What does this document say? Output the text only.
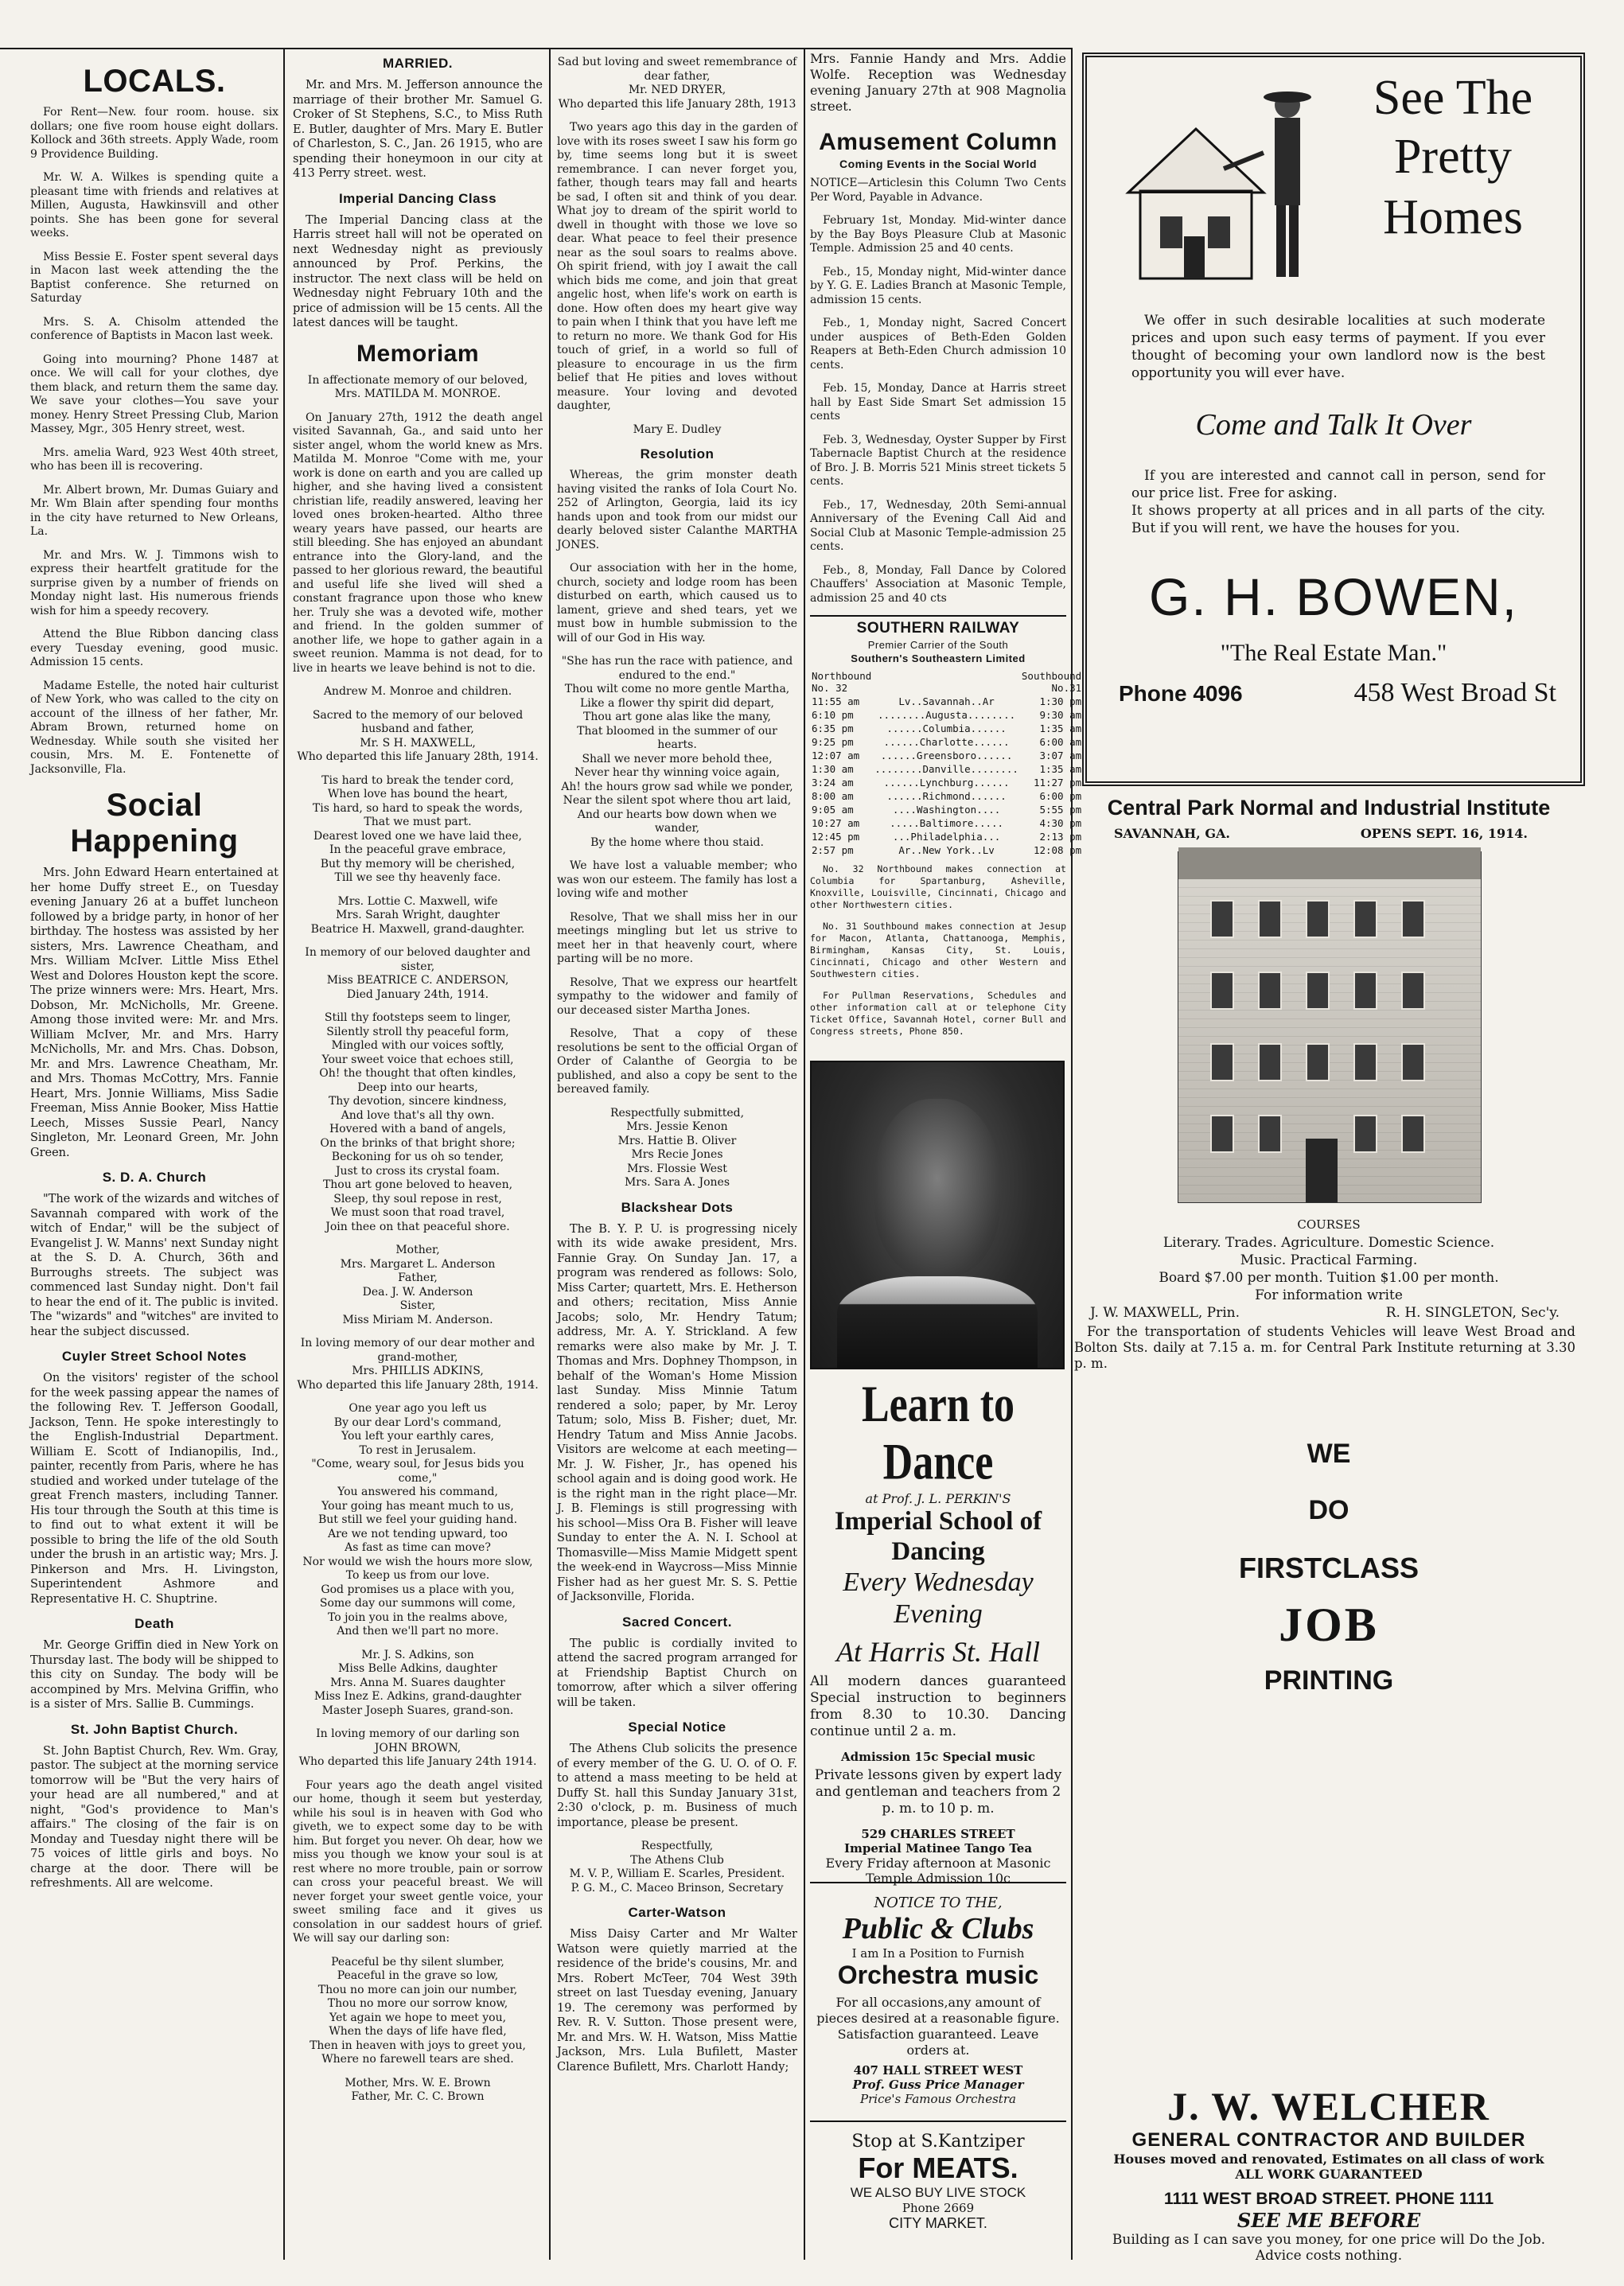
LOCALS.

For Rent—New. four room. house. six dollars; one five room house eight dollars. Kollock and 36th streets. Apply Wade, room 9 Providence Building.

Mr. W. A. Wilkes is spending quite a pleasant time with friends and relatives at Millen, Augusta, Hawkinsvill and other points. She has been gone for several weeks.

Miss Bessie E. Foster spent several days in Macon last week attending the the Baptist conference. She returned on Saturday

Mrs. S. A. Chisolm attended the conference of Baptists in Macon last week.

Going into mourning? Phone 1487 at once. We will call for your clothes, dye them black, and return them the same day. We save your clothes—You save your money. Henry Street Pressing Club, Marion Massey, Mgr., 305 Henry street, west.

Mrs. amelia Ward, 923 West 40th street, who has been ill is recovering.

Mr. Albert brown, Mr. Dumas Guiary and Mr. Wm Blain after spending four months in the city have returned to New Orleans, La.

Mr. and Mrs. W. J. Timmons wish to express their heartfelt gratitude for the surprise given by a number of friends on Monday night last. His numerous friends wish for him a speedy recovery.

Attend the Blue Ribbon dancing class every Tuesday evening, good music. Admission 15 cents.

Madame Estelle, the noted hair culturist of New York, who was called to the city on account of the illness of her father, Mr. Abram Brown, returned home on Wednesday. While south she visited her cousin, Mrs. M. E. Fontenette of Jacksonville, Fla.

Social Happening

Mrs. John Edward Hearn entertained at her home Duffy street E., on Tuesday evening January 26 at a buffet luncheon followed by a bridge party, in honor of her birthday. The hostess was assisted by her sisters, Mrs. Lawrence Cheatham, and Mrs. William McIver. Little Miss Ethel West and Dolores Houston kept the score. The prize winners were: Mrs. Heart, Mrs. Dobson, Mr. McNicholls, Mr. Greene. Among those invited were: Mr. and Mrs. William McIver, Mr. and Mrs. Harry McNicholls, Mr. and Mrs. Chas. Dobson, Mr. and Mrs. Lawrence Cheatham, Mr. and Mrs. Thomas McCottry, Mrs. Fannie Heart, Mrs. Jonnie Williams, Miss Sadie Freeman, Miss Annie Booker, Miss Hattie Leech, Misses Sussie Pearl, Nancy Singleton, Mr. Leonard Green, Mr. John Green.

S. D. A. Church

"The work of the wizards and witches of Savannah compared with work of the witch of Endar," will be the subject of Evangelist J. W. Manns' next Sunday night at the S. D. A. Church, 36th and Burroughs streets. The subject was commenced last Sunday night. Don't fail to hear the end of it. The public is invited. The "wizards" and "witches" are invited to hear the subject discussed.

Cuyler Street School Notes

On the visitors' register of the school for the week passing appear the names of the following Rev. T. Jefferson Goodall, Jackson, Tenn. He spoke interestingly to the English-Industrial Department. William E. Scott of Indianopilis, Ind., painter, recently from Paris, where he has studied and worked under tutelage of the great French masters, including Tanner. His tour through the South at this time is to find out to what extent it will be possible to bring the life of the old South under the brush in an artistic way; Mrs. J. Pinkerson and Mrs. H. Livingston, Superintendent Ashmore and Representative H. C. Shuptrine.

Death

Mr. George Griffin died in New York on Thursday last. The body will be shipped to this city on Sunday. The body will be accompined by Mrs. Melvina Griffin, who is a sister of Mrs. Sallie B. Cummings.

St. John Baptist Church.

St. John Baptist Church, Rev. Wm. Gray, pastor. The subject at the morning service tomorrow will be "But the very hairs of your head are all numbered," and at night, "God's providence to Man's affairs." The closing of the fair is on Monday and Tuesday night there will be 75 voices of little girls and boys. No charge at the door. There will be refreshments. All are welcome.

MARRIED.

Mr. and Mrs. M. Jefferson announce the marriage of their brother Mr. Samuel G. Croker of St Stephens, S.C., to Miss Ruth E. Butler, daughter of Mrs. Mary E. Butler of Charleston, S. C., Jan. 26 1915, who are spending their honeymoon in our city at 413 Perry street. west.

Imperial Dancing Class

The Imperial Dancing class at the Harris street hall will not be operated on next Wednesday night as previously announced by Prof. Perkins, the instructor. The next class will be held on Wednesday night February 10th and the price of admission will be 15 cents. All the latest dances will be taught.

Memoriam

In affectionate memory of our beloved,
Mrs. MATILDA M. MONROE.

On January 27th, 1912 the death angel visited Savannah, Ga., and said unto her sister angel, whom the world knew as Mrs. Matilda M. Monroe "Come with me, your work is done on earth and you are called up higher, and she having lived a consistent christian life, readily answered, leaving her loved ones broken-hearted. Altho three weary years have passed, our hearts are still bleeding. She has enjoyed an abundant entrance into the Glory-land, and the passed to her glorious reward, the beautiful and useful life she lived will shed a constant fragrance upon those who knew her. Truly she was a devoted wife, mother and friend. In the golden summer of another life, we hope to gather again in a sweet reunion. Mamma is not dead, for to live in hearts we leave behind is not to die.

Andrew M. Monroe and children.

Sacred to the memory of our beloved husband and father,
Mr. S H. MAXWELL,
Who departed this life January 28th, 1914.

Tis hard to break the tender cord,
When love has bound the heart,
Tis hard, so hard to speak the words,
That we must part.
Dearest loved one we have laid thee,
In the peaceful grave embrace,
But thy memory will be cherished,
Till we see thy heavenly face.

Mrs. Lottie C. Maxwell, wife
Mrs. Sarah Wright, daughter
Beatrice H. Maxwell, grand-daughter.

In memory of our beloved daughter and sister,
Miss BEATRICE C. ANDERSON,
Died January 24th, 1914.

Still thy footsteps seem to linger,
Silently stroll thy peaceful form,
Mingled with our voices softly,
Your sweet voice that echoes still,
Oh! the thought that often kindles,
Deep into our hearts,
Thy devotion, sincere kindness,
And love that's all thy own.
Hovered with a band of angels,
On the brinks of that bright shore;
Beckoning for us oh so tender,
Just to cross its crystal foam.
Thou art gone beloved to heaven,
Sleep, thy soul repose in rest,
We must soon that road travel,
Join thee on that peaceful shore.

Mother,
Mrs. Margaret L. Anderson
Father,
Dea. J. W. Anderson
Sister,
Miss Miriam M. Anderson.

In loving memory of our dear mother and grand-mother,
Mrs. PHILLIS ADKINS,
Who departed this life January 28th, 1914.

One year ago you left us
By our dear Lord's command,
You left your earthly cares,
To rest in Jerusalem.
"Come, weary soul, for Jesus bids you come,"
You answered his command,
Your going has meant much to us,
But still we feel your guiding hand.
Are we not tending upward, too
As fast as time can move?
Nor would we wish the hours more slow,
To keep us from our love.
God promises us a place with you,
Some day our summons will come,
To join you in the realms above,
And then we'll part no more.

Mr. J. S. Adkins, son
Miss Belle Adkins, daughter
Mrs. Anna M. Suares daughter
Miss Inez E. Adkins, grand-daughter
Master Joseph Suares, grand-son.

In loving memory of our darling son
JOHN BROWN,
Who departed this life January 24th 1914.

Four years ago the death angel visited our home, though it seem but yesterday, while his soul is in heaven with God who giveth, we to expect some day to be with him. But forget you never. Oh dear, how we miss you though we know your soul is at rest where no more trouble, pain or sorrow can cross your peaceful breast. We will never forget your sweet gentle voice, your sweet smiling face and it gives us consolation in our saddest hours of grief. We will say our darling son:

Peaceful be thy silent slumber,
Peaceful in the grave so low,
Thou no more can join our number,
Thou no more our sorrow know,
Yet again we hope to meet you,
When the days of life have fled,
Then in heaven with joys to greet you,
Where no farewell tears are shed.

Mother, Mrs. W. E. Brown
Father, Mr. C. C. Brown

Sad but loving and sweet remembrance of dear father,
Mr. NED DRYER,
Who departed this life January 28th, 1913

Two years ago this day in the garden of love with its roses sweet I saw his form go by, time seems long but it is sweet remembrance. I can never forget you, father, though tears may fall and hearts be sad, I often sit and think of you dear. What joy to dream of the spirit world to dwell in thought with those we love so dear. What peace to feel their presence near as the soul soars to realms above. Oh spirit friend, with joy I await the call which bids me come, and join that great angelic host, when life's work on earth is done. How often does my heart give way to pain when I think that you have left me to return no more. We thank God for His touch of grief, in a world so full of pleasure to encourage in us the firm belief that He pities and loves without measure. Your loving and devoted daughter,

Mary E. Dudley

Resolution

Whereas, the grim monster death having visited the ranks of Iola Court No. 252 of Arlington, Georgia, laid its icy hands upon and took from our midst our dearly beloved sister Calanthe MARTHA JONES.

Our association with her in the home, church, society and lodge room has been disturbed on earth, which caused us to lament, grieve and shed tears, yet we must bow in humble submission to the will of our God in His way.

"She has run the race with patience, and endured to the end."
Thou wilt come no more gentle Martha,
Like a flower thy spirit did depart,
Thou art gone alas like the many,
That bloomed in the summer of our hearts.
Shall we never more behold thee,
Never hear thy winning voice again,
Ah! the hours grow sad while we ponder,
Near the silent spot where thou art laid,
And our hearts bow down when we wander,
By the home where thou staid.

We have lost a valuable member; who was won our esteem. The family has lost a loving wife and mother

Resolve, That we shall miss her in our meetings mingling but let us strive to meet her in that heavenly court, where parting will be no more.

Resolve, That we express our heartfelt sympathy to the widower and family of our deceased sister Martha Jones.

Resolve, That a copy of these resolutions be sent to the official Organ of Order of Calanthe of Georgia to be published, and also a copy be sent to the bereaved family.

Respectfully submitted,
Mrs. Jessie Kenon
Mrs. Hattie B. Oliver
Mrs Recie Jones
Mrs. Flossie West
Mrs. Sara A. Jones

Blackshear Dots

The B. Y. P. U. is progressing nicely with its wide awake president, Mrs. Fannie Gray. On Sunday Jan. 17, a program was rendered as follows: Solo, Miss Carter; quartett, Mrs. E. Hetherson and others; recitation, Miss Annie Jacobs; solo, Mr. Hendry Tatum; address, Mr. A. Y. Strickland. A few remarks were also make by Mr. J. T. Thomas and Mrs. Dophney Thompson, in behalf of the Woman's Home Mission last Sunday. Miss Minnie Tatum rendered a solo; paper, by Mr. Leroy Tatum; solo, Miss B. Fisher; duet, Mr. Hendry Tatum and Miss Annie Jacobs. Visitors are welcome at each meeting—Mr. J. W. Fisher, Jr., has opened his school again and is doing good work. He is the right man in the right place—Mr. J. B. Flemings is still progressing with his school—Miss Ora B. Fisher will leave Sunday to enter the A. N. I. School at Thomasville—Miss Mamie Midgett spent the week-end in Waycross—Miss Minnie Fisher had as her guest Mr. S. S. Pettie of Jacksonville, Florida.

Sacred Concert.

The public is cordially invited to attend the sacred program arranged for at Friendship Baptist Church on tomorrow, after which a silver offering will be taken.

Special Notice

The Athens Club solicits the presence of every member of the G. U. O. of O. F. to attend a mass meeting to be held at Duffy St. hall this Sunday January 31st, 2:30 o'clock, p. m. Business of much importance, please be present.

Respectfully,
The Athens Club
M. V. P., William E. Scarles, President.
P. G. M., C. Maceo Brinson, Secretary

Carter-Watson

Miss Daisy Carter and Mr Walter Watson were quietly married at the residence of the bride's cousins, Mr. and Mrs. Robert McTeer, 704 West 39th street on last Tuesday evening, January 19. The ceremony was performed by Rev. R. V. Sutton. Those present were, Mr. and Mrs. W. H. Watson, Miss Mattie Jackson, Mrs. Lula Bufilett, Master Clarence Bufilett, Mrs. Charlott Handy;

Mrs. Fannie Handy and Mrs. Addie Wolfe. Reception was Wednesday evening January 27th at 908 Magnolia street.

Amusement Column
Coming Events in the Social World

NOTICE—Articlesin this Column Two Cents Per Word, Payable in Advance.

February 1st, Monday. Mid-winter dance by the Bay Boys Pleasure Club at Masonic Temple. Admission 25 and 40 cents.

Feb., 15, Monday night, Mid-winter dance by Y. G. E. Ladies Branch at Masonic Temple, admission 15 cents.

Feb., 1, Monday night, Sacred Concert under auspices of Beth-Eden Golden Reapers at Beth-Eden Church admission 10 cents.

Feb. 15, Monday, Dance at Harris street hall by East Side Smart Set admission 15 cents

Feb. 3, Wednesday, Oyster Supper by First Tabernacle Baptist Church at the residence of Bro. J. B. Morris 521 Minis street tickets 5 cents.

Feb., 17, Wednesday, 20th Semi-annual Anniversary of the Evening Call Aid and Social Club at Masonic Temple-admission 25 cents.

Feb., 8, Monday, Fall Dance by Colored Chauffers' Association at Masonic Temple, admission 25 and 40 cts

SOUTHERN RAILWAY
Premier Carrier of the South
Southern's Southeastern Limited
Northbound No. 32		Southbound No.31
11:55 am	Lv..Savannah..Ar	1:30 pm
6:10 pm	........Augusta........	9:30 am
6:35 pm	......Columbia......	1:35 am
9:25 pm	......Charlotte......	6:00 am
12:07 am	......Greensboro......	3:07 am
1:30 am	........Danville........	1:35 am
3:24 am	......Lynchburg......	11:27 pm
8:00 am	......Richmond......	6:00 pm
9:05 am	....Washington....	5:55 pm
10:27 am	.....Baltimore.....	4:30 pm
12:45 pm	...Philadelphia...	2:13 pm
2:57 pm	Ar..New York..Lv	12:08 pm

No. 32 Northbound makes connection at Columbia for Spartanburg, Asheville, Knoxville, Louisville, Cincinnati, Chicago and other Northwestern cities.

No. 31 Southbound makes connection at Jesup for Macon, Atlanta, Chattanooga, Memphis, Birmingham, Kansas City, St. Louis, Cincinnati, Chicago and other Western and Southwestern cities.

For Pullman Reservations, Schedules and other information call at or telephone City Ticket Office, Savannah Hotel, corner Bull and Congress streets, Phone 850.

Learn to Dance
at Prof. J. L. PERKIN'S
Imperial School of Dancing
Every Wednesday Evening
At Harris St. Hall

All modern dances guaranteed Special instruction to beginners from 8.30 to 10.30. Dancing continue until 2 a. m.

Admission 15c Special music

Private lessons given by expert lady and gentleman and teachers from 2 p. m. to 10 p. m.

529 CHARLES STREET
Imperial Matinee Tango Tea
Every Friday afternoon at Masonic Temple Admission 10c
NOTICE TO THE,
Public & Clubs
I am In a Position to Furnish
Orchestra music

For all occasions,any amount of pieces desired at a reasonable figure. Satisfaction guaranteed. Leave orders at.

407 HALL STREET WEST
Prof. Guss Price Manager
Price's Famous Orchestra
Stop at S.Kantziper
For MEATS.
WE ALSO BUY LIVE STOCK
Phone 2669
CITY MARKET.
See The
Pretty
Homes

We offer in such desirable localities at such moderate prices and upon such easy terms of payment. If you ever thought of becoming your own landlord now is the best opportunity you will ever have.

Come and Talk It Over

If you are interested and cannot call in person, send for our price list. Free for asking.
It shows property at all prices and in all parts of the city. But if you will rent, we have the houses for you.

G. H. BOWEN,
"The Real Estate Man."
Phone 4096	458 West Broad St
Central Park Normal and Industrial Institute
SAVANNAH, GA.	OPENS SEPT. 16, 1914.
COURSES
Literary. Trades. Agriculture. Domestic Science.
Music. Practical Farming.
Board $7.00 per month. Tuition $1.00 per month.
For information write
J. W. MAXWELL, Prin.	R. H. SINGLETON, Sec'y.

For the transportation of students Vehicles will leave West Broad and Bolton Sts. daily at 7.15 a. m. for Central Park Institute returning at 3.30 p. m.

WE
DO
FIRSTCLASS
JOB
PRINTING
J. W. WELCHER
GENERAL CONTRACTOR AND BUILDER
Houses moved and renovated, Estimates on all class of work
ALL WORK GUARANTEED
1111 WEST BROAD STREET. PHONE 1111
SEE ME BEFORE
Building as I can save you money, for one price will Do the Job. Advice costs nothing.
